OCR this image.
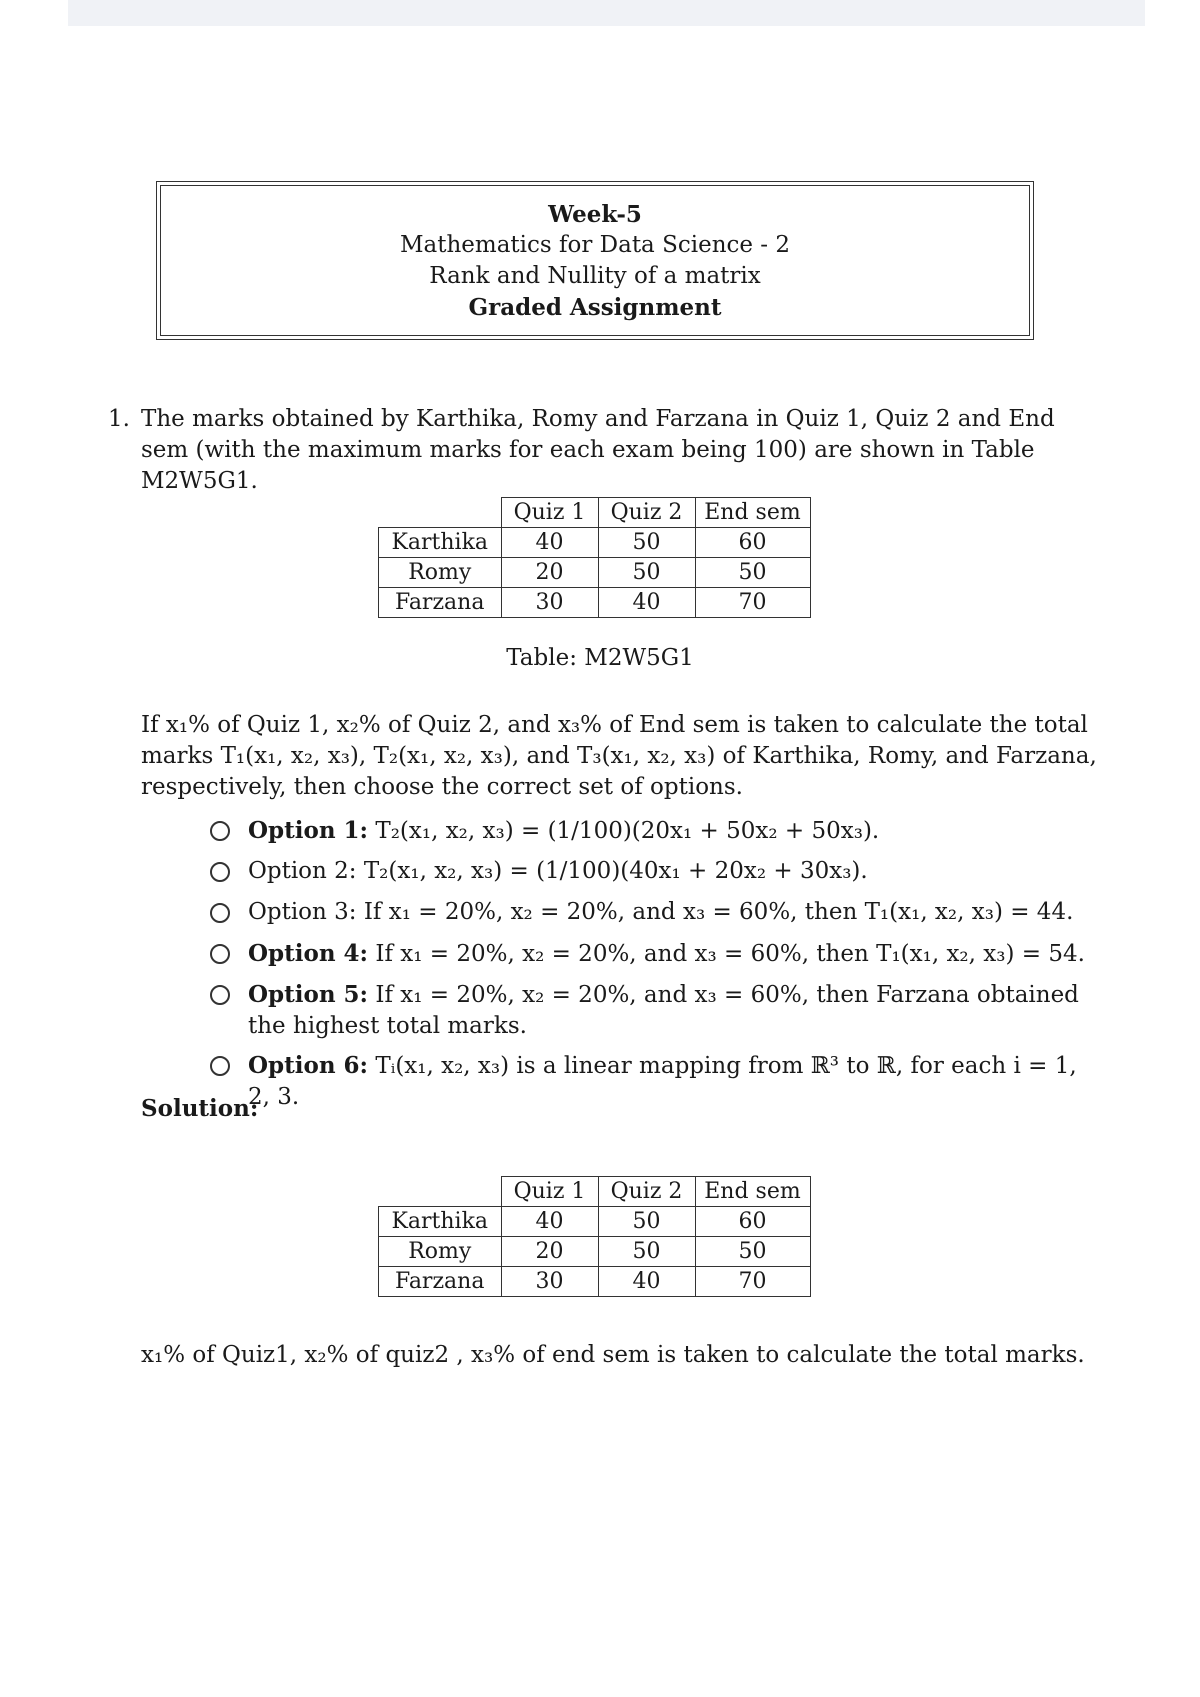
Week-5
Mathematics for Data Science - 2
Rank and Nullity of a matrix
Graded Assignment
1. The marks obtained by Karthika, Romy and Farzana in Quiz 1, Quiz 2 and End sem (with the maximum marks for each exam being 100) are shown in Table M2W5G1.
	Quiz 1	Quiz 2	End sem
Karthika	40	50	60
Romy	20	50	50
Farzana	30	40	70
Table: M2W5G1
If x₁% of Quiz 1, x₂% of Quiz 2, and x₃% of End sem is taken to calculate the total marks T₁(x₁, x₂, x₃), T₂(x₁, x₂, x₃), and T₃(x₁, x₂, x₃) of Karthika, Romy, and Farzana, respectively, then choose the correct set of options.
Option 1: T₂(x₁, x₂, x₃) = (1/100)(20x₁ + 50x₂ + 50x₃).
Option 2: T₂(x₁, x₂, x₃) = (1/100)(40x₁ + 20x₂ + 30x₃).
Option 3: If x₁ = 20%, x₂ = 20%, and x₃ = 60%, then T₁(x₁, x₂, x₃) = 44.
Option 4: If x₁ = 20%, x₂ = 20%, and x₃ = 60%, then T₁(x₁, x₂, x₃) = 54.
Option 5: If x₁ = 20%, x₂ = 20%, and x₃ = 60%, then Farzana obtained the highest total marks.
Option 6: Tᵢ(x₁, x₂, x₃) is a linear mapping from ℝ³ to ℝ, for each i = 1, 2, 3.
Solution:
	Quiz 1	Quiz 2	End sem
Karthika	40	50	60
Romy	20	50	50
Farzana	30	40	70
x₁% of Quiz1, x₂% of quiz2 , x₃% of end sem is taken to calculate the total marks.
